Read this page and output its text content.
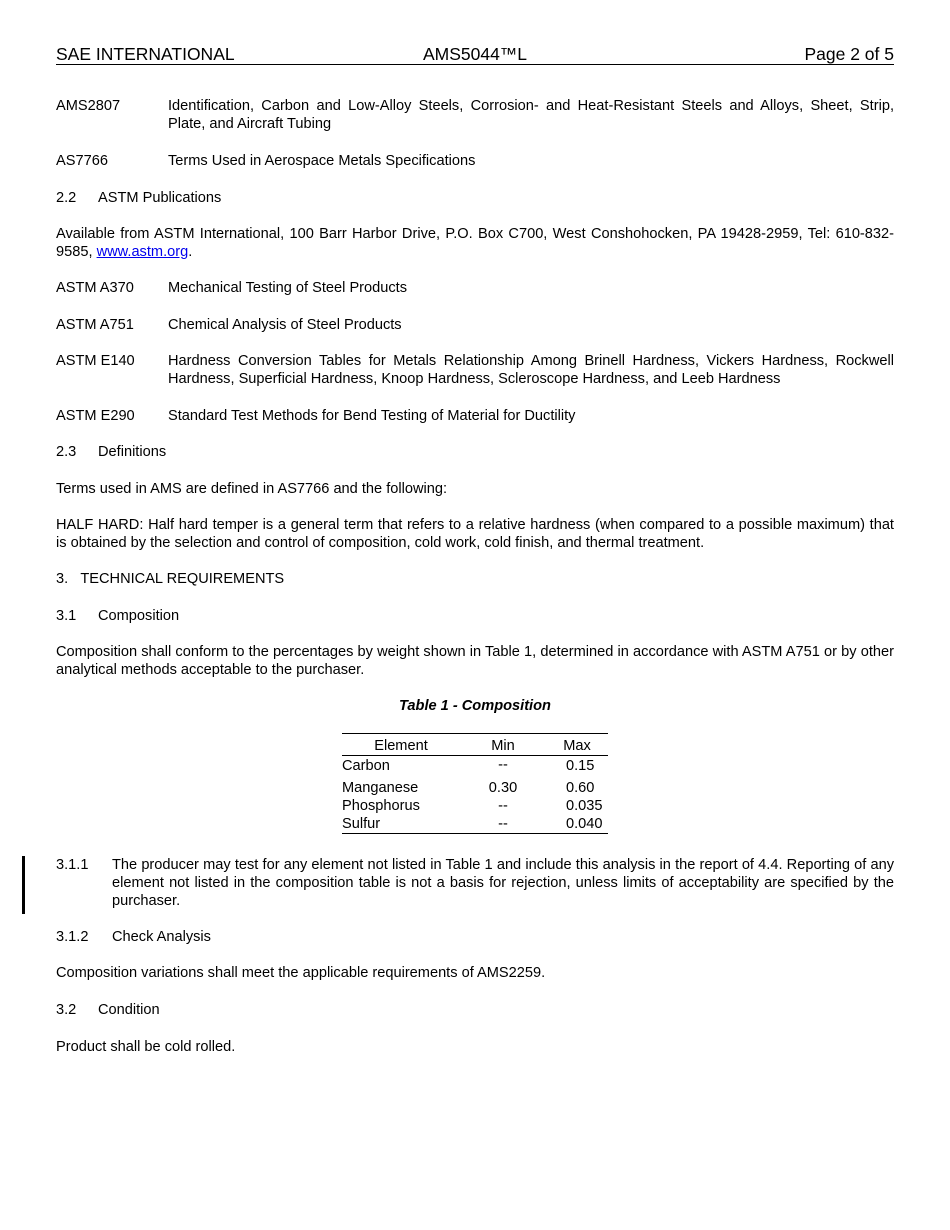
SAE INTERNATIONAL	AMS5044™L	Page 2 of 5
AMS2807	Identification, Carbon and Low-Alloy Steels, Corrosion- and Heat-Resistant Steels and Alloys, Sheet, Strip, Plate, and Aircraft Tubing
AS7766	Terms Used in Aerospace Metals Specifications
2.2 ASTM Publications
Available from ASTM International, 100 Barr Harbor Drive, P.O. Box C700, West Conshohocken, PA 19428-2959, Tel: 610-832-9585, www.astm.org.
ASTM A370 Mechanical Testing of Steel Products
ASTM A751 Chemical Analysis of Steel Products
ASTM E140 Hardness Conversion Tables for Metals Relationship Among Brinell Hardness, Vickers Hardness, Rockwell Hardness, Superficial Hardness, Knoop Hardness, Scleroscope Hardness, and Leeb Hardness
ASTM E290 Standard Test Methods for Bend Testing of Material for Ductility
2.3 Definitions
Terms used in AMS are defined in AS7766 and the following:
HALF HARD: Half hard temper is a general term that refers to a relative hardness (when compared to a possible maximum) that is obtained by the selection and control of composition, cold work, cold finish, and thermal treatment.
3. TECHNICAL REQUIREMENTS
3.1 Composition
Composition shall conform to the percentages by weight shown in Table 1, determined in accordance with ASTM A751 or by other analytical methods acceptable to the purchaser.
Table 1 - Composition
Element	Min	Max
Carbon	--	0.15
Manganese	0.30	0.60
Phosphorus	--	0.035
Sulfur	--	0.040
3.1.1 The producer may test for any element not listed in Table 1 and include this analysis in the report of 4.4. Reporting of any element not listed in the composition table is not a basis for rejection, unless limits of acceptability are specified by the purchaser.
3.1.2 Check Analysis
Composition variations shall meet the applicable requirements of AMS2259.
3.2 Condition
Product shall be cold rolled.
